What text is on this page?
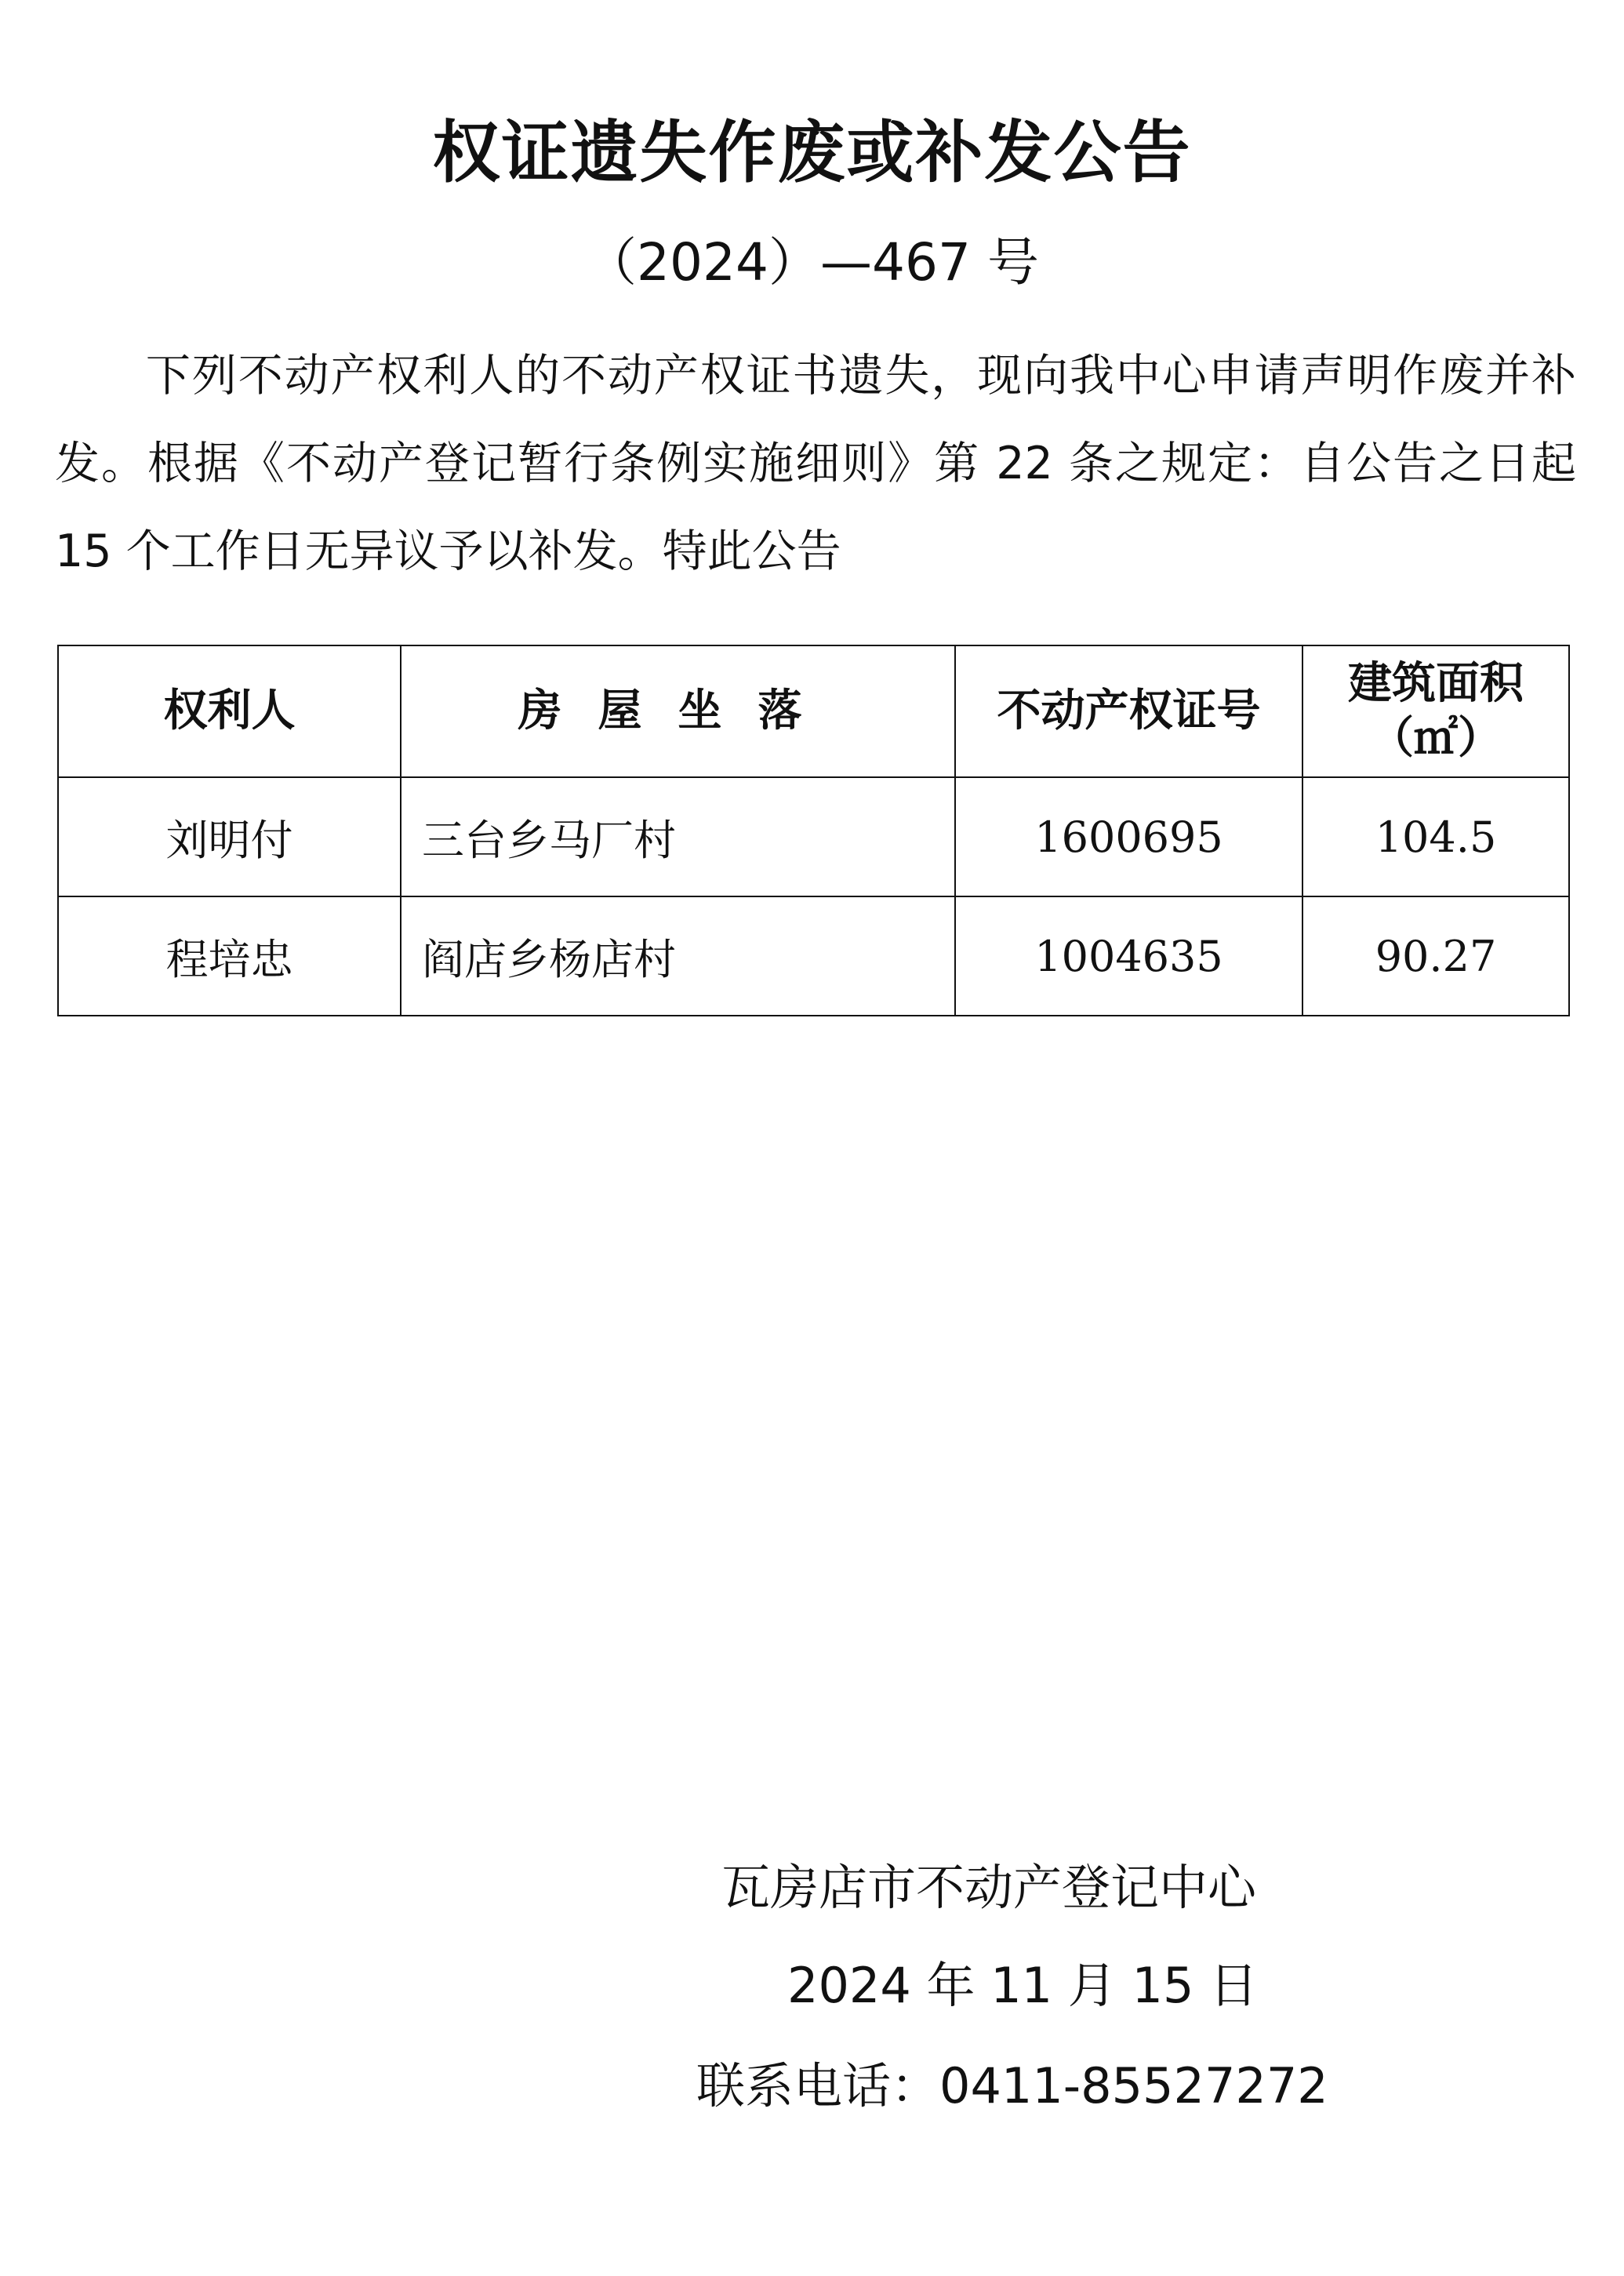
权证遗失作废或补发公告
（2024）—467 号

下列不动产权利人的不动产权证书遗失，现向我中心申请声明作废并补发。根据《不动产登记暂行条例实施细则》第 22 条之规定：自公告之日起 15 个工作日无异议予以补发。特此公告

权利人	房屋坐落	不动产权证号	建筑面积
（㎡）

刘明付	三台乡马厂村	1600695	104.5
程培忠	阎店乡杨店村	1004635	90.27
瓦房店市不动产登记中心
2024 年 11 月 15 日
联系电话：0411-85527272
